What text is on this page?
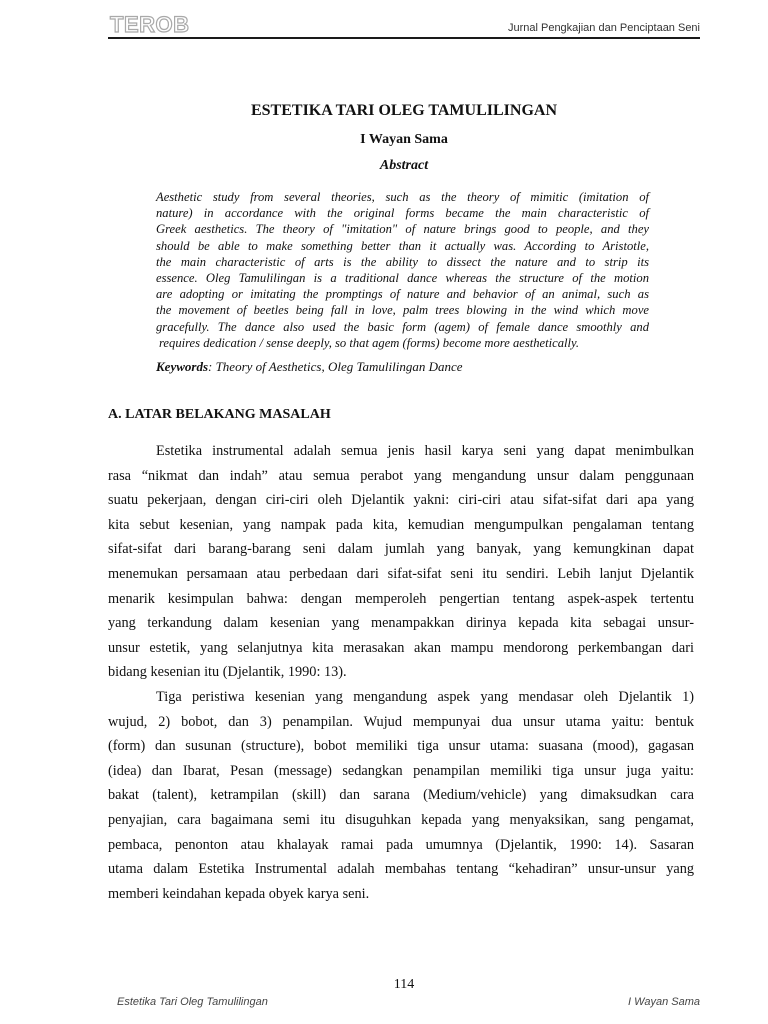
TEROB	Jurnal Pengkajian dan Penciptaan Seni
ESTETIKA TARI OLEG TAMULILINGAN
I Wayan Sama
Abstract
Aesthetic study from several theories, such as the theory of mimitic (imitation of
nature) in accordance with the original forms became the main characteristic of
Greek aesthetics. The theory of "imitation" of nature brings good to people, and they
should be able to make something better than it actually was. According to Aristotle,
the main characteristic of arts is the ability to dissect the nature and to strip its
essence. Oleg Tamulilingan is a traditional dance whereas the structure of the motion
are adopting or imitating the promptings of nature and behavior of an animal, such as
the movement of beetles being fall in love, palm trees blowing in the wind which move
gracefully. The dance also used the basic form (agem) of female dance smoothly and
requires dedication / sense deeply, so that agem (forms) become more aesthetically.
Keywords: Theory of Aesthetics, Oleg Tamulilingan Dance
A. LATAR BELAKANG MASALAH

Estetika instrumental adalah semua jenis hasil karya seni yang dapat menimbulkan
rasa “nikmat dan indah” atau semua perabot yang mengandung unsur dalam penggunaan
suatu pekerjaan, dengan ciri-ciri oleh Djelantik yakni: ciri-ciri atau sifat-sifat dari apa yang
kita sebut kesenian, yang nampak pada kita, kemudian mengumpulkan pengalaman tentang
sifat-sifat dari barang-barang seni dalam jumlah yang banyak, yang kemungkinan dapat
menemukan persamaan atau perbedaan dari sifat-sifat seni itu sendiri. Lebih lanjut Djelantik
menarik kesimpulan bahwa: dengan memperoleh pengertian tentang aspek-aspek tertentu
yang terkandung dalam kesenian yang menampakkan dirinya kepada kita sebagai unsur-
unsur estetik, yang selanjutnya kita merasakan akan mampu mendorong perkembangan dari
bidang kesenian itu (Djelantik, 1990: 13).

Tiga peristiwa kesenian yang mengandung aspek yang mendasar oleh Djelantik 1)
wujud, 2) bobot, dan 3) penampilan. Wujud mempunyai dua unsur utama yaitu: bentuk
(form) dan susunan (structure), bobot memiliki tiga unsur utama: suasana (mood), gagasan
(idea) dan Ibarat, Pesan (message) sedangkan penampilan memiliki tiga unsur juga yaitu:
bakat (talent), ketrampilan (skill) dan sarana (Medium/vehicle) yang dimaksudkan cara
penyajian, cara bagaimana semi itu disuguhkan kepada yang menyaksikan, sang pengamat,
pembaca, penonton atau khalayak ramai pada umumnya (Djelantik, 1990: 14). Sasaran
utama dalam Estetika Instrumental adalah membahas tentang “kehadiran” unsur-unsur yang
memberi keindahan kepada obyek karya seni.

114
Estetika Tari Oleg Tamulilingan	I Wayan Sama
